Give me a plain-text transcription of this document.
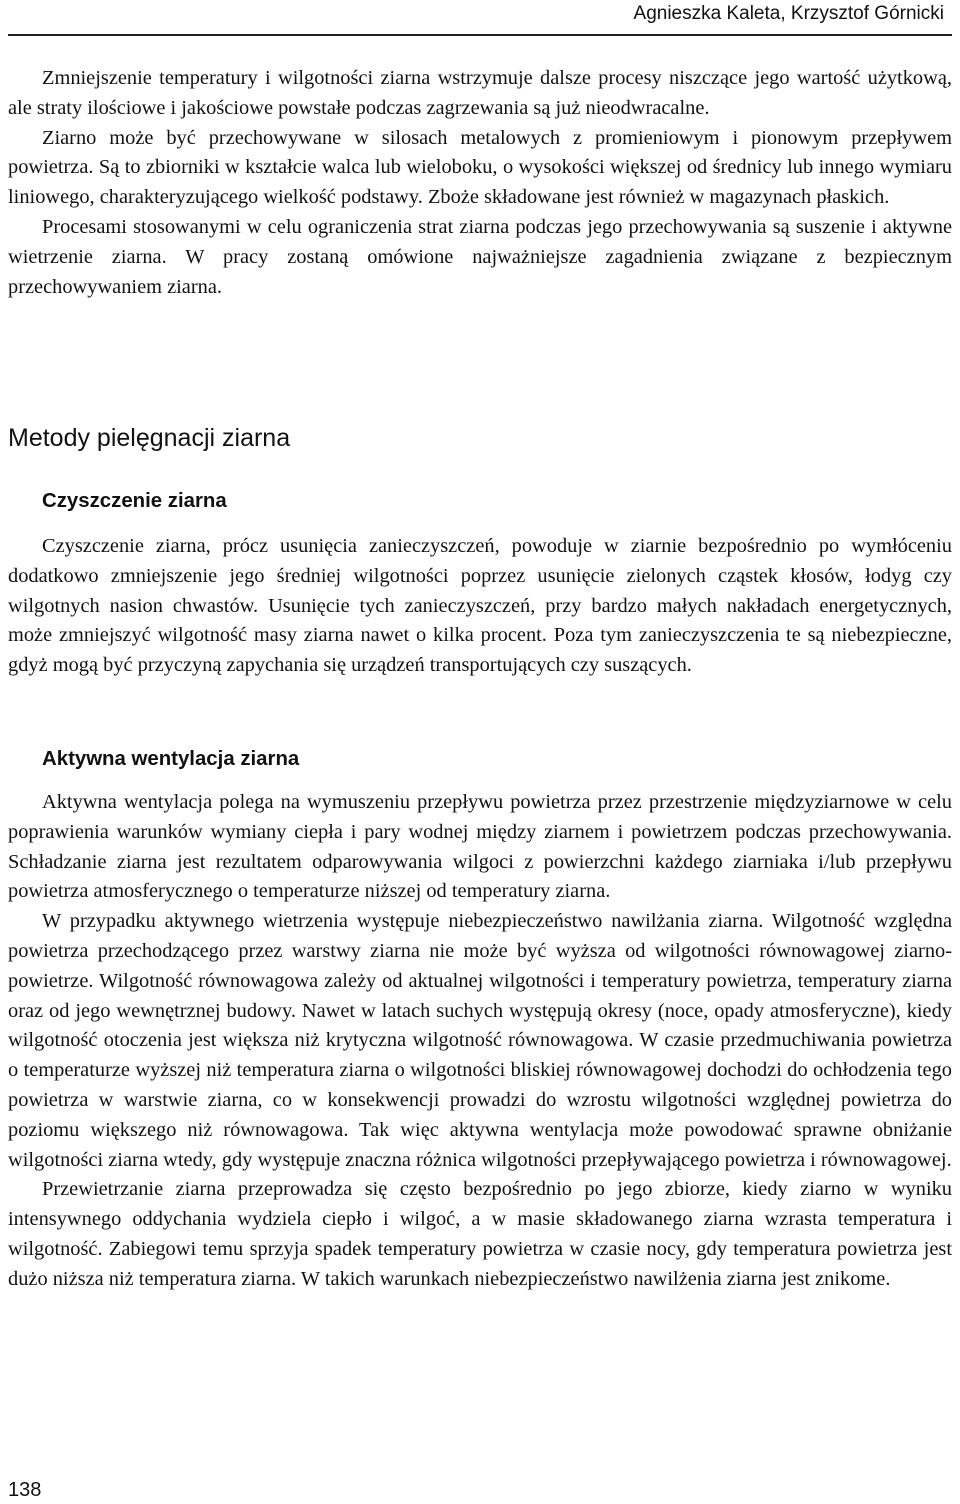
Agnieszka Kaleta, Krzysztof Górnicki

Zmniejszenie temperatury i wilgotności ziarna wstrzymuje dalsze procesy niszczące jego wartość użytkową, ale straty ilościowe i jakościowe powstałe podczas zagrzewania są już nieodwracalne.

Ziarno może być przechowywane w silosach metalowych z promieniowym i pionowym przepływem powietrza. Są to zbiorniki w kształcie walca lub wieloboku, o wysokości większej od średnicy lub innego wymiaru liniowego, charakteryzującego wielkość podstawy. Zboże składowane jest również w magazynach płaskich.

Procesami stosowanymi w celu ograniczenia strat ziarna podczas jego przechowywania są suszenie i aktywne wietrzenie ziarna. W pracy zostaną omówione najważniejsze zagadnienia związane z bezpiecznym przechowywaniem ziarna.

Metody pielęgnacji ziarna
Czyszczenie ziarna

Czyszczenie ziarna, prócz usunięcia zanieczyszczeń, powoduje w ziarnie bezpośrednio po wymłóceniu dodatkowo zmniejszenie jego średniej wilgotności poprzez usunięcie zielonych cząstek kłosów, łodyg czy wilgotnych nasion chwastów. Usunięcie tych zanieczyszczeń, przy bardzo małych nakładach energetycznych, może zmniejszyć wilgotność masy ziarna nawet o kilka procent. Poza tym zanieczyszczenia te są niebezpieczne, gdyż mogą być przyczyną zapychania się urządzeń transportujących czy suszących.

Aktywna wentylacja ziarna

Aktywna wentylacja polega na wymuszeniu przepływu powietrza przez przestrzenie międzyziarnowe w celu poprawienia warunków wymiany ciepła i pary wodnej między ziarnem i powietrzem podczas przechowywania. Schładzanie ziarna jest rezultatem odparowywania wilgoci z powierzchni każdego ziarniaka i/lub przepływu powietrza atmosferycznego o temperaturze niższej od temperatury ziarna.

W przypadku aktywnego wietrzenia występuje niebezpieczeństwo nawilżania ziarna. Wilgotność względna powietrza przechodzącego przez warstwy ziarna nie może być wyższa od wilgotności równowagowej ziarno-powietrze. Wilgotność równowagowa zależy od aktualnej wilgotności i temperatury powietrza, temperatury ziarna oraz od jego wewnętrznej budowy. Nawet w latach suchych występują okresy (noce, opady atmosferyczne), kiedy wilgotność otoczenia jest większa niż krytyczna wilgotność równowagowa. W czasie przedmuchiwania powietrza o temperaturze wyższej niż temperatura ziarna o wilgotności bliskiej równowagowej dochodzi do ochłodzenia tego powietrza w warstwie ziarna, co w konsekwencji prowadzi do wzrostu wilgotności względnej powietrza do poziomu większego niż równowagowa. Tak więc aktywna wentylacja może powodować sprawne obniżanie wilgotności ziarna wtedy, gdy występuje znaczna różnica wilgotności przepływającego powietrza i równowagowej.

Przewietrzanie ziarna przeprowadza się często bezpośrednio po jego zbiorze, kiedy ziarno w wyniku intensywnego oddychania wydziela ciepło i wilgoć, a w masie składowanego ziarna wzrasta temperatura i wilgotność. Zabiegowi temu sprzyja spadek temperatury powietrza w czasie nocy, gdy temperatura powietrza jest dużo niższa niż temperatura ziarna. W takich warunkach niebezpieczeństwo nawilżenia ziarna jest znikome.

138
